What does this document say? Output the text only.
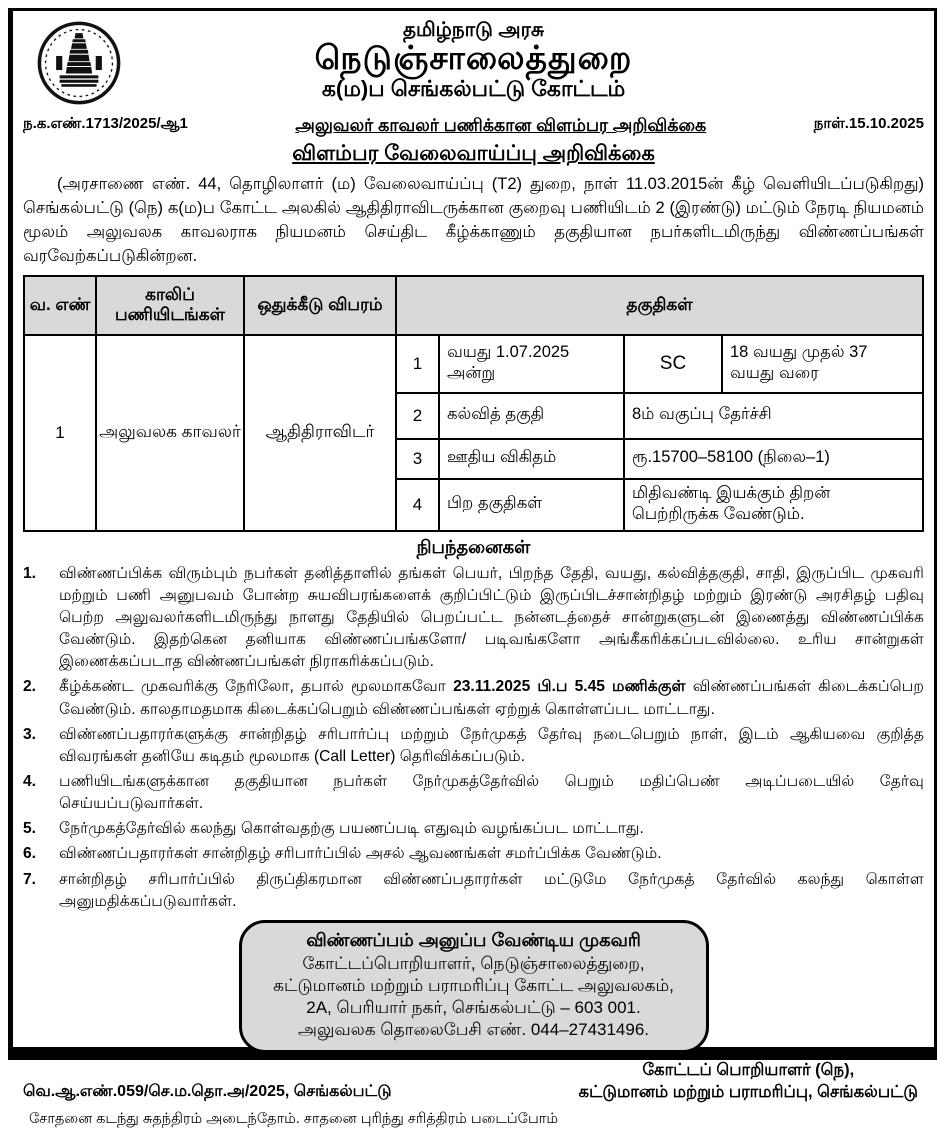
தமிழ்நாடு அரசு
நெடுஞ்சாலைத்துறை
க(ம)ப செங்கல்பட்டு கோட்டம்
ந.க.எண்.1713/2025/ஆ1	அலுவலர் காவலர் பணிக்கான விளம்பர அறிவிக்கை	நாள்.15.10.2025
விளம்பர வேலைவாய்ப்பு அறிவிக்கை
(அரசாணை எண். 44, தொழிலாளர் (ம) வேலைவாய்ப்பு (T2) துறை, நாள் 11.03.2015ன் கீழ் வெளியிடப்படுகிறது) செங்கல்பட்டு (நெ) க(ம)ப கோட்ட அலகில் ஆதிதிராவிடருக்கான குறைவு பணியிடம் 2 (இரண்டு) மட்டும் நேரடி நியமனம் மூலம் அலுவலக காவலராக நியமனம் செய்திட கீழ்க்காணும் தகுதியான நபர்களிடமிருந்து விண்ணப்பங்கள் வரவேற்கப்படுகின்றன.
வ. எண்	காலிப் பணியிடங்கள்	ஒதுக்கீடு விபரம்	தகுதிகள்
1	அலுவலக காவலர்	ஆதிதிராவிடர்	
1	வயது 1.07.2025 அன்று	SC	18 வயது முதல் 37 வயது வரை
2	கல்வித் தகுதி	8ம் வகுப்பு தேர்ச்சி
3	ஊதிய விகிதம்	ரூ.15700–58100 (நிலை–1)
4	பிற தகுதிகள்	மிதிவண்டி இயக்கும் திறன் பெற்றிருக்க வேண்டும்.
நிபந்தனைகள்
1.	விண்ணப்பிக்க விரும்பும் நபர்கள் தனித்தாளில் தங்கள் பெயர், பிறந்த தேதி, வயது, கல்வித்தகுதி, சாதி, இருப்பிட முகவரி மற்றும் பணி அனுபவம் போன்ற சுயவிபரங்களைக் குறிப்பிட்டும் இருப்பிடச்சான்றிதழ் மற்றும் இரண்டு அரசிதழ் பதிவு பெற்ற அலுவலர்களிடமிருந்து நாளது தேதியில் பெறப்பட்ட நன்னடத்தைச் சான்றுகளுடன் இணைத்து விண்ணப்பிக்க வேண்டும். இதற்கென தனியாக விண்ணப்பங்களோ/ படிவங்களோ அங்கீகரிக்கப்படவில்லை. உரிய சான்றுகள் இணைக்கப்படாத விண்ணப்பங்கள் நிராகரிக்கப்படும்.
2.	கீழ்க்கண்ட முகவரிக்கு நேரிலோ, தபால் மூலமாகவோ 23.11.2025 பி.ப 5.45 மணிக்குள் விண்ணப்பங்கள் கிடைக்கப்பெற வேண்டும். காலதாமதமாக கிடைக்கப்பெறும் விண்ணப்பங்கள் ஏற்றுக் கொள்ளப்பட மாட்டாது.
3.	விண்ணப்பதாரர்களுக்கு சான்றிதழ் சரிபார்ப்பு மற்றும் நேர்முகத் தேர்வு நடைபெறும் நாள், இடம் ஆகியவை குறித்த விவரங்கள் தனியே கடிதம் மூலமாக (Call Letter) தெரிவிக்கப்படும்.
4.	பணியிடங்களுக்கான தகுதியான நபர்கள் நேர்முகத்தேர்வில் பெறும் மதிப்பெண் அடிப்படையில் தேர்வு செய்யப்படுவார்கள்.
5.	நேர்முகத்தேர்வில் கலந்து கொள்வதற்கு பயணப்படி எதுவும் வழங்கப்பட மாட்டாது.
6.	விண்ணப்பதாரர்கள் சான்றிதழ் சரிபார்ப்பில் அசல் ஆவணங்கள் சமர்ப்பிக்க வேண்டும்.
7.	சான்றிதழ் சரிபார்ப்பில் திருப்திகரமான விண்ணப்பதாரர்கள் மட்டுமே நேர்முகத் தேர்வில் கலந்து கொள்ள அனுமதிக்கப்படுவார்கள்.
விண்ணப்பம் அனுப்ப வேண்டிய முகவரி
கோட்டப்பொறியாளர், நெடுஞ்சாலைத்துறை,
கட்டுமானம் மற்றும் பராமரிப்பு கோட்ட அலுவலகம்,
2A, பெரியார் நகர், செங்கல்பட்டு – 603 001.
அலுவலக தொலைபேசி எண். 044–27431496.
வெ.ஆ.எண்.059/செ.ம.தொ.அ/2025, செங்கல்பட்டு
கோட்டப் பொறியாளர் (நெ),
கட்டுமானம் மற்றும் பராமரிப்பு, செங்கல்பட்டு
சோதனை கடந்து சுதந்திரம் அடைந்தோம். சாதனை புரிந்து சரித்திரம் படைப்போம்
